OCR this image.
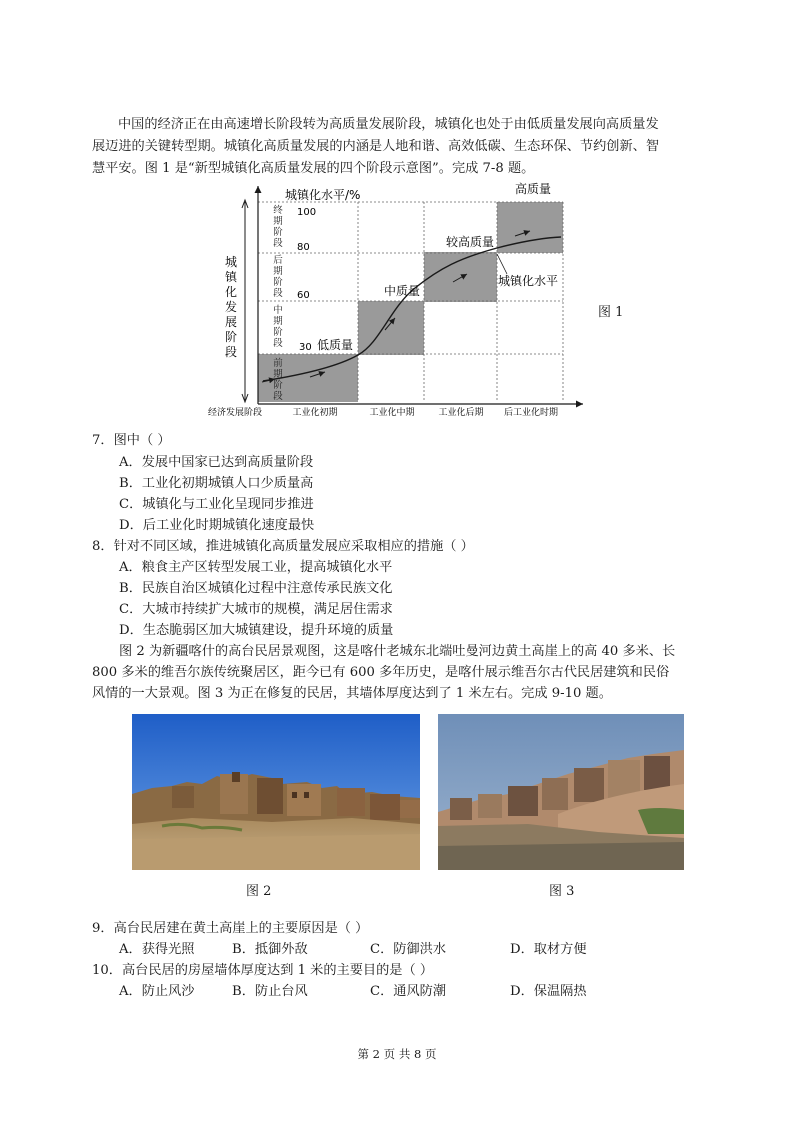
中国的经济正在由高速增长阶段转为高质量发展阶段，城镇化也处于由低质量发展向高质量发
展迈进的关键转型期。城镇化高质量发展的内涵是人地和谐、高效低碳、生态环保、节约创新、智
慧平安。图 1 是“新型城镇化高质量发展的四个阶段示意图”。完成 7-8 题。
城镇化水平/%	高质量
100
80
60
30
终
期
阶
段
后
期
阶
段
中
期
阶
段
前
期
阶
段
城
镇
化
发
展
阶
段	低质量
中质量
较高质量
城镇化水平
经济发展阶段	工业化初期	工业化中期	工业化后期 后工业化时期
图 1
7．图中（ ）
A．发展中国家已达到高质量阶段
B．工业化初期城镇人口少质量高
C．城镇化与工业化呈现同步推进
D．后工业化时期城镇化速度最快
8．针对不同区域，推进城镇化高质量发展应采取相应的措施（ ）
A．粮食主产区转型发展工业，提高城镇化水平
B．民族自治区城镇化过程中注意传承民族文化
C．大城市持续扩大城市的规模，满足居住需求
D．生态脆弱区加大城镇建设，提升环境的质量
图 2 为新疆喀什的高台民居景观图，这是喀什老城东北端吐曼河边黄土高崖上的高 40 多米、长
800 多米的维吾尔族传统聚居区，距今已有 600 多年历史，是喀什展示维吾尔古代民居建筑和民俗
风情的一大景观。图 3 为正在修复的民居，其墙体厚度达到了 1 米左右。完成 9-10 题。
图 2	图 3
9．高台民居建在黄土高崖上的主要原因是（ ）
A．获得光照	B．抵御外敌	C．防御洪水	D．取材方便
10．高台民居的房屋墙体厚度达到 1 米的主要目的是（ ）
A．防止风沙	B．防止台风	C．通风防潮	D．保温隔热
第 2 页 共 8 页
